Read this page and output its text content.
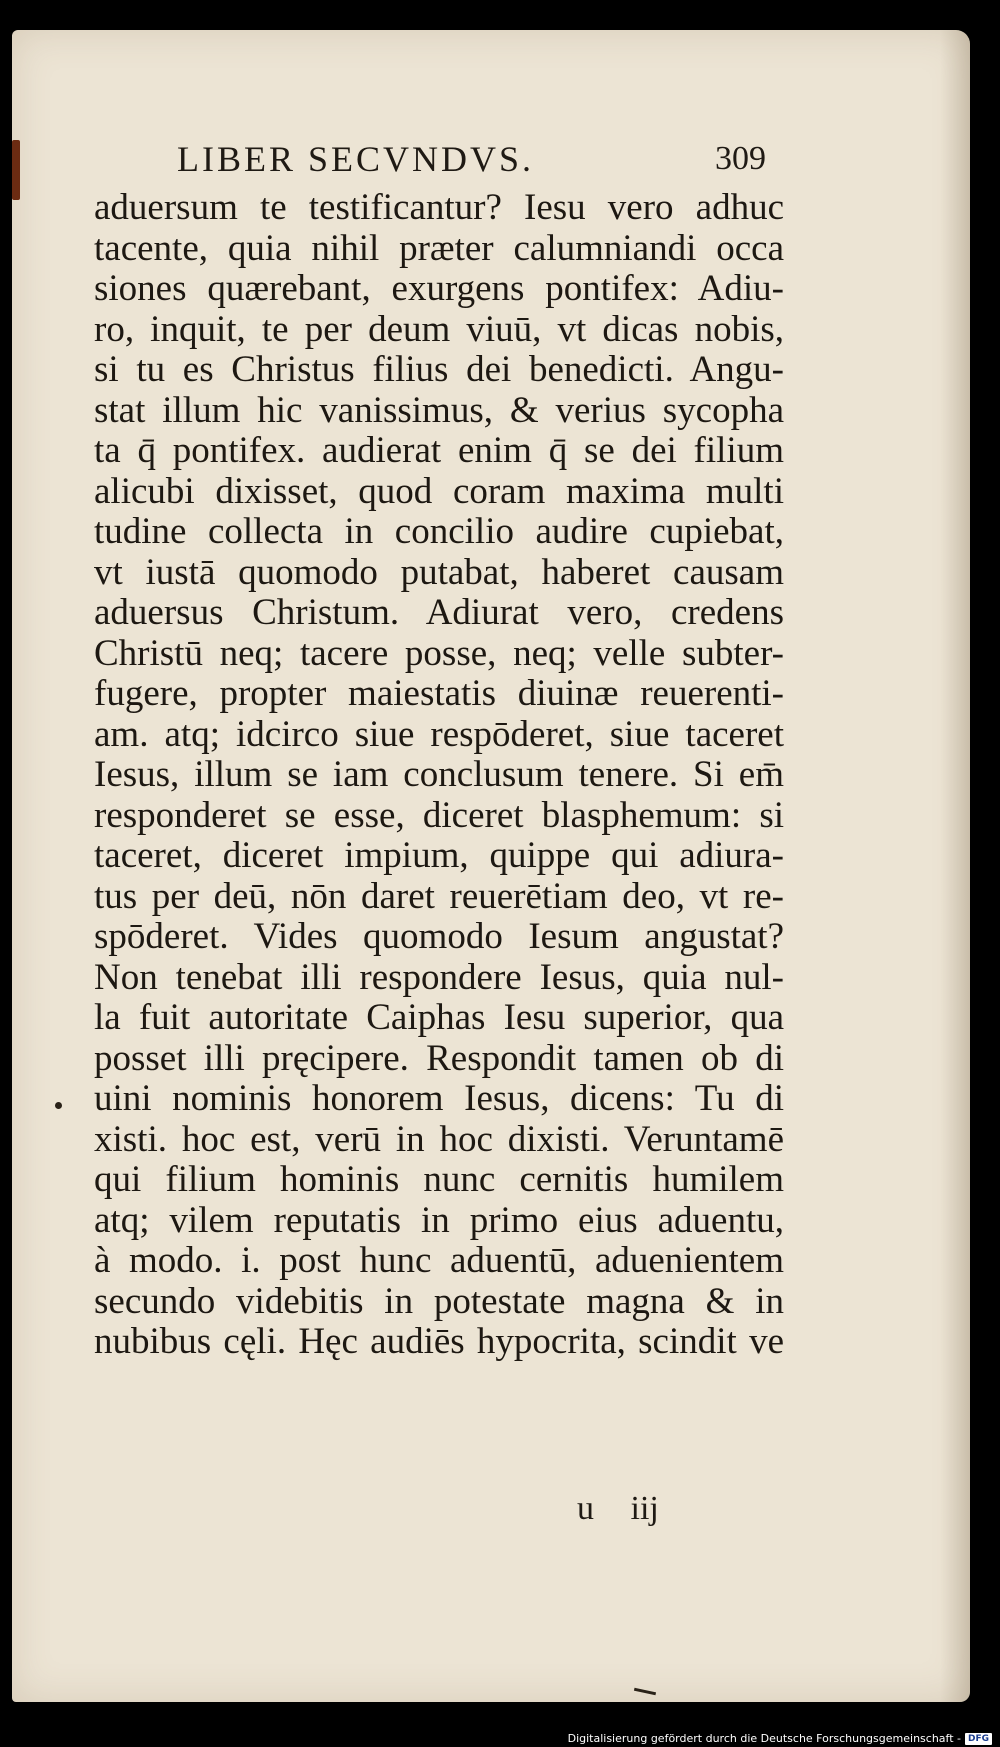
LIBER SECVNDVS.	309
aduersum te testificantur? Iesu vero adhuc
tacente, quia nihil præter calumniandi occa
siones quærebant, exurgens pontifex: Adiu-
ro, inquit, te per deum viuū, vt dicas nobis,
si tu es Christus filius dei benedicti. Angu-
stat illum hic vanissimus, & verius sycopha
ta q̄ pontifex. audierat enim q̄ se dei filium
alicubi dixisset, quod coram maxima multi
tudine collecta in concilio audire cupiebat,
vt iustā quomodo putabat, haberet causam
aduersus Christum. Adiurat vero, credens
Christū neq; tacere posse, neq; velle subter-
fugere, propter maiestatis diuinæ reuerenti-
am. atq; idcirco siue respōderet, siue taceret
Iesus, illum se iam conclusum tenere. Si em̄
responderet se esse, diceret blasphemum: si
taceret, diceret impium, quippe qui adiura-
tus per deū, nōn daret reuerētiam deo, vt re-
spōderet. Vides quomodo Iesum angustat?
Non tenebat illi respondere Iesus, quia nul-
la fuit autoritate Caiphas Iesu superior, qua
posset illi pręcipere. Respondit tamen ob di
uini nominis honorem Iesus, dicens: Tu di
xisti. hoc est, verū in hoc dixisti. Veruntamē
qui filium hominis nunc cernitis humilem
atq; vilem reputatis in primo eius aduentu,
à modo. i. post hunc aduentū, aduenientem
secundo videbitis in potestate magna & in
nubibus cęli. Hęc audiēs hypocrita, scindit ve
u iij
Digitalisierung gefördert durch die Deutsche Forschungsgemeinschaft - DFG
